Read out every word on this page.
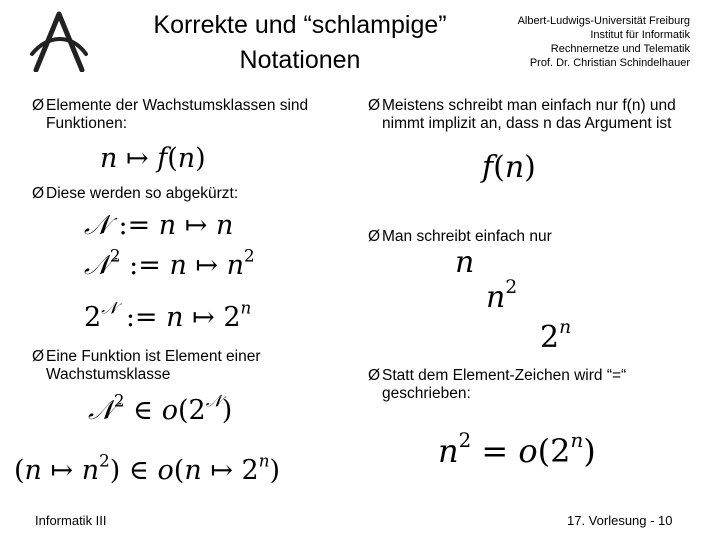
Korrekte und “schlampige”
Notationen
Albert-Ludwigs-Universität Freiburg
Institut für Informatik
Rechnernetze und Telematik
Prof. Dr. Christian Schindelhauer
Ø Elemente der Wachstumsklassen sind Funktionen:
n ↦ f(n)
Ø Diese werden so abgekürzt:
𝒩 := n ↦ n
𝒩$^2$ := n ↦ $n^2$
$2^𝒩$ := n ↦ 2$^n$
Ø Eine Funktion ist Element einer Wachstumsklasse
𝒩$^2$ ∈ $o(2^𝒩)$
(n ↦ $n^2$) ∈ o(n ↦ 2$^n$)
Ø Meistens schreibt man einfach nur f(n) und nimmt implizit an, dass n das Argument ist
f(n)
Ø Man schreibt einfach nur
n
$n^2$
2$^n$
Ø Statt dem Element-Zeichen wird “=“ geschrieben:
$n^2 = o(2^n)$
Informatik III	17. Vorlesung - 10
